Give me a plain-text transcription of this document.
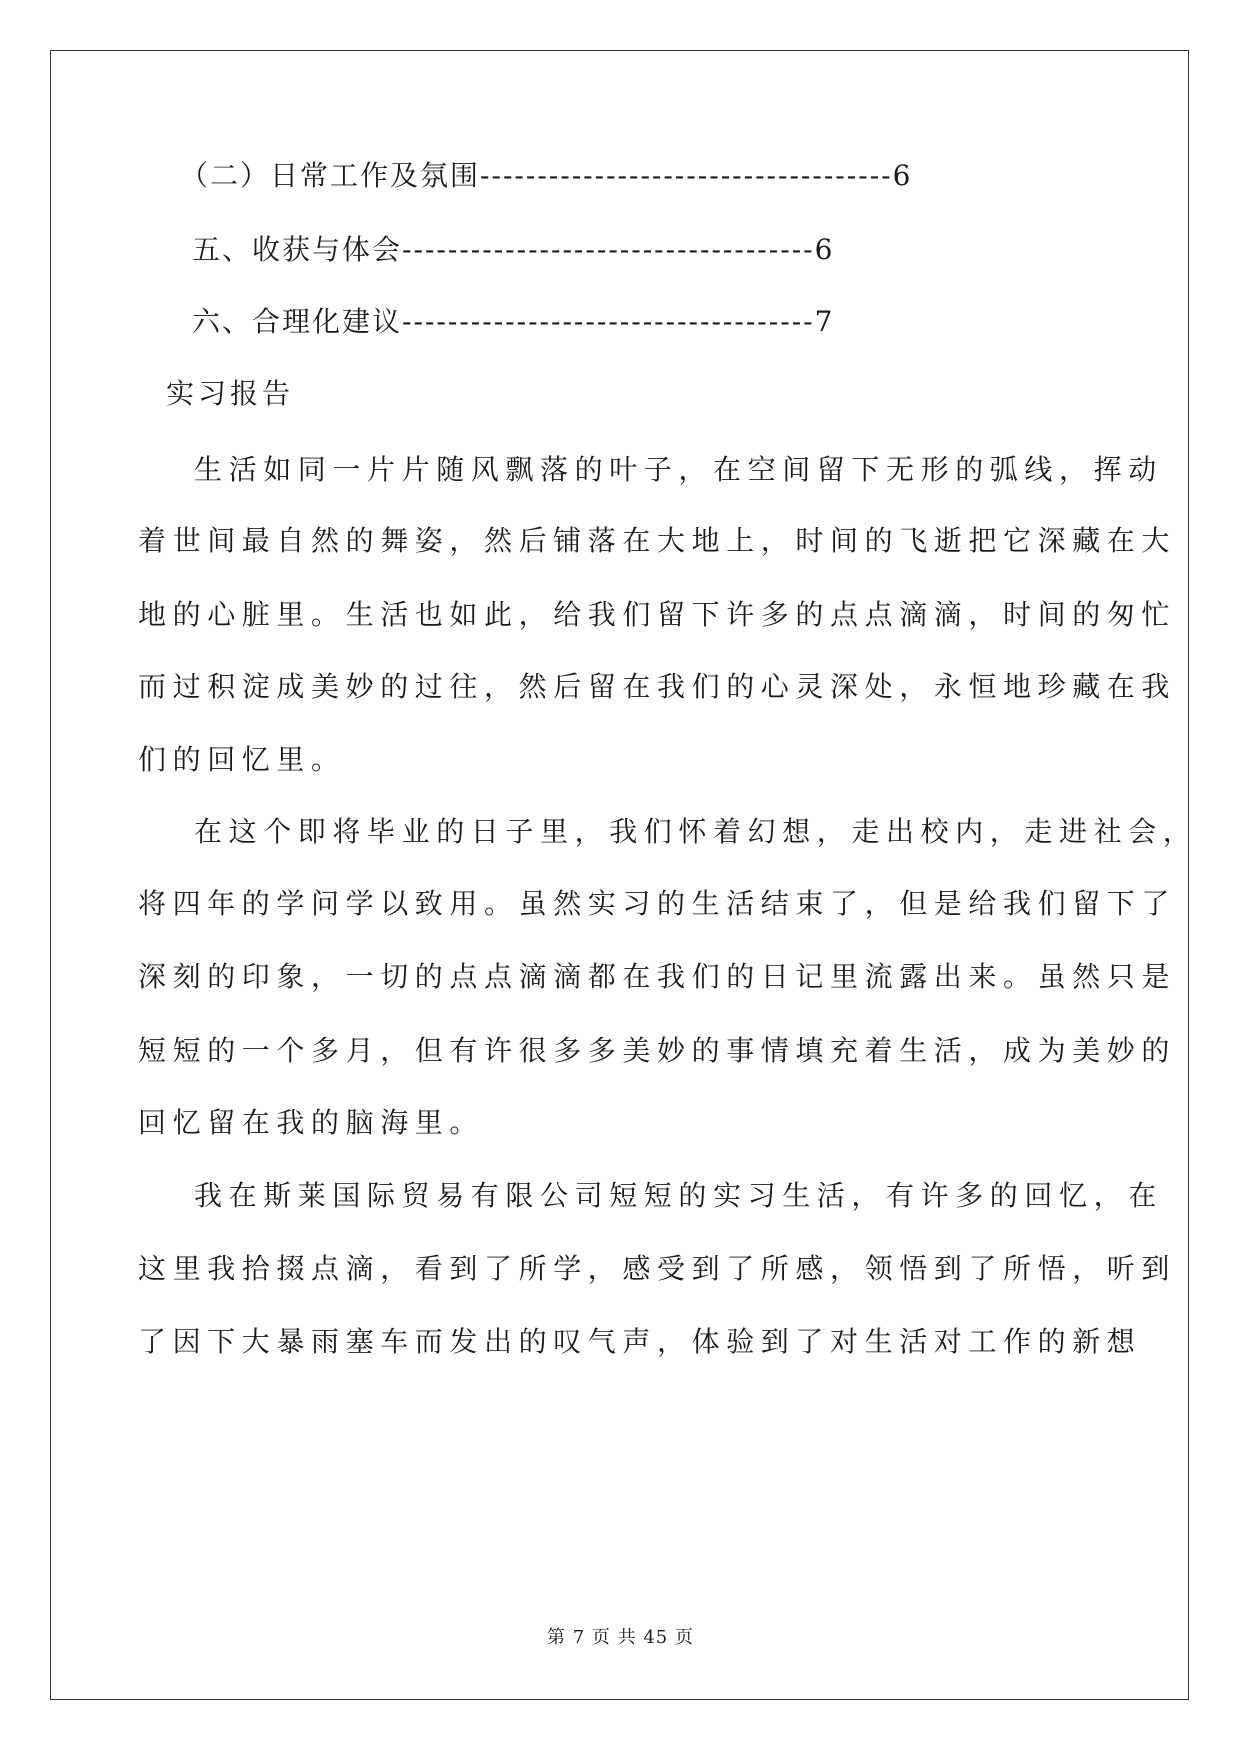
（二）日常工作及氛围------------------------------------6
五、收获与体会------------------------------------6
六、合理化建议------------------------------------7
实习报告
生活如同一片片随风飘落的叶子，在空间留下无形的弧线，挥动
着世间最自然的舞姿，然后铺落在大地上，时间的飞逝把它深藏在大
地的心脏里。生活也如此，给我们留下许多的点点滴滴，时间的匆忙
而过积淀成美妙的过往，然后留在我们的心灵深处，永恒地珍藏在我
们的回忆里。
在这个即将毕业的日子里，我们怀着幻想，走出校内，走进社会，
将四年的学问学以致用。虽然实习的生活结束了，但是给我们留下了
深刻的印象，一切的点点滴滴都在我们的日记里流露出来。虽然只是
短短的一个多月，但有许很多多美妙的事情填充着生活，成为美妙的
回忆留在我的脑海里。
我在斯莱国际贸易有限公司短短的实习生活，有许多的回忆，在
这里我拾掇点滴，看到了所学，感受到了所感，领悟到了所悟，听到
了因下大暴雨塞车而发出的叹气声，体验到了对生活对工作的新想
第 7 页 共 45 页
